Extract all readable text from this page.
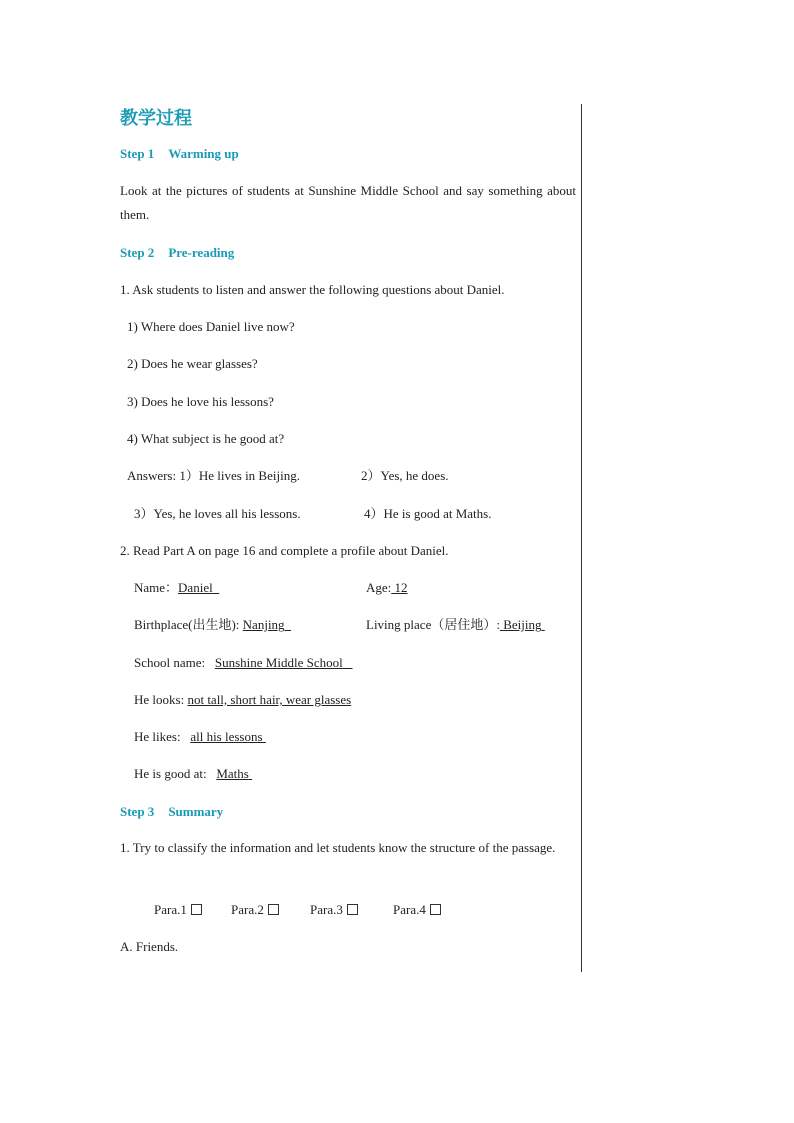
教学过程
Step 1 Warming up
Look at the pictures of students at Sunshine Middle School and say something about them.
Step 2 Pre-reading
1. Ask students to listen and answer the following questions about Daniel.
1) Where does Daniel live now?
2) Does he wear glasses?
3) Does he love his lessons?
4) What subject is he good at?
Answers: 1）He lives in Beijing.	2）Yes, he does.
3）Yes, he loves all his lessons.	4）He is good at Maths.
2. Read Part A on page 16 and complete a profile about Daniel.
Name：Daniel	Age: 12
Birthplace(出生地): Nanjing	Living place（居住地）: Beijing
School name: Sunshine Middle School
He looks: not tall, short hair, wear glasses
He likes: all his lessons
He is good at: Maths
Step 3 Summary
1. Try to classify the information and let students know the structure of the passage.
Para.1	Para.2	Para.3	Para.4
A. Friends.
